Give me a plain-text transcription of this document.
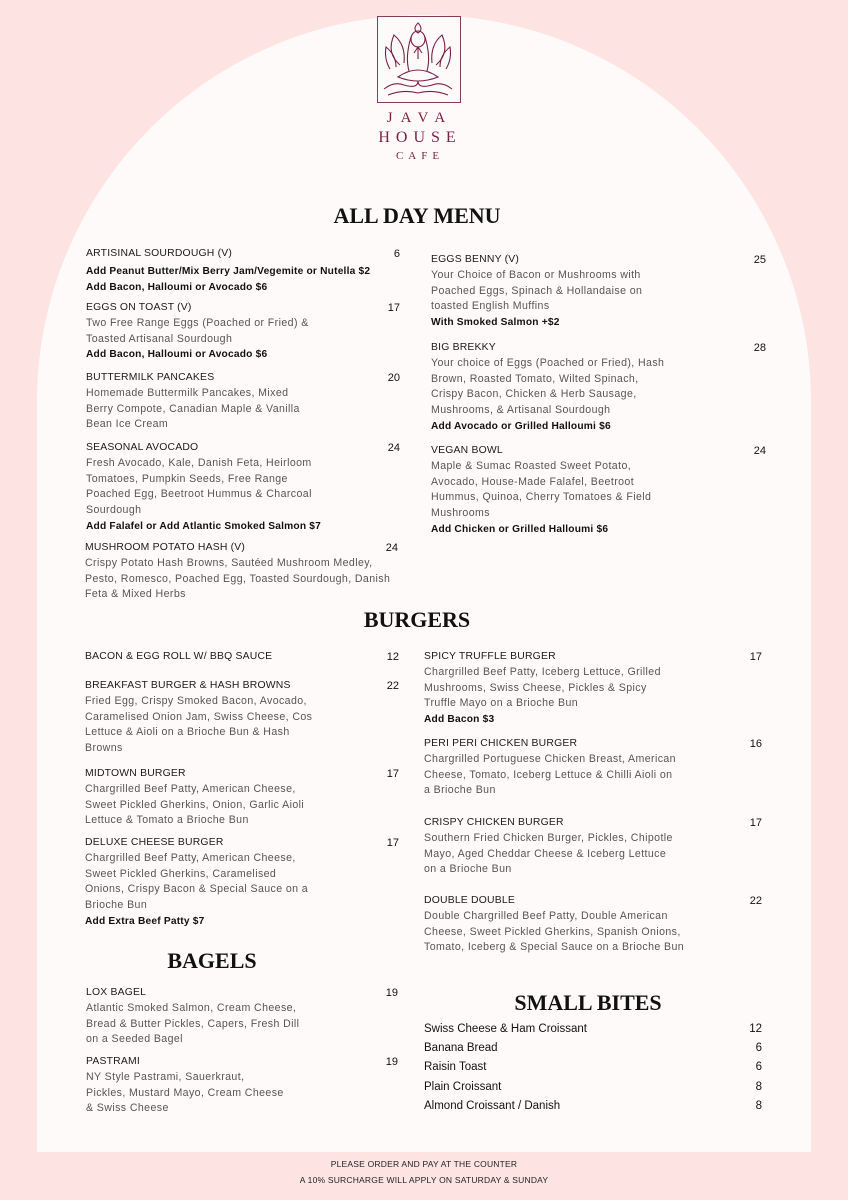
JAVA
HOUSE
CAFE
ALL DAY MENU
BURGERS
BAGELS
SMALL BITES
ARTISINAL SOURDOUGH (V)	6
Add Peanut Butter/Mix Berry Jam/Vegemite or Nutella $2
Add Bacon, Halloumi or Avocado $6
EGGS ON TOAST (V)	17
Two Free Range Eggs (Poached or Fried) &
Toasted Artisanal Sourdough
Add Bacon, Halloumi or Avocado $6
BUTTERMILK PANCAKES	20
Homemade Buttermilk Pancakes, Mixed
Berry Compote, Canadian Maple & Vanilla
Bean Ice Cream
SEASONAL AVOCADO	24
Fresh Avocado, Kale, Danish Feta, Heirloom
Tomatoes, Pumpkin Seeds, Free Range
Poached Egg, Beetroot Hummus & Charcoal
Sourdough
Add Falafel or Add Atlantic Smoked Salmon $7
MUSHROOM POTATO HASH (V)	24
Crispy Potato Hash Browns, Sautéed Mushroom Medley,
Pesto, Romesco, Poached Egg, Toasted Sourdough, Danish
Feta & Mixed Herbs
EGGS BENNY (V)	25
Your Choice of Bacon or Mushrooms with
Poached Eggs, Spinach & Hollandaise on
toasted English Muffins
With Smoked Salmon +$2
BIG BREKKY	28
Your choice of Eggs (Poached or Fried), Hash
Brown, Roasted Tomato, Wilted Spinach,
Crispy Bacon, Chicken & Herb Sausage,
Mushrooms, & Artisanal Sourdough
Add Avocado or Grilled Halloumi $6
VEGAN BOWL	24
Maple & Sumac Roasted Sweet Potato,
Avocado, House-Made Falafel, Beetroot
Hummus, Quinoa, Cherry Tomatoes & Field
Mushrooms
Add Chicken or Grilled Halloumi $6
BACON & EGG ROLL W/ BBQ SAUCE	12
BREAKFAST BURGER & HASH BROWNS	22
Fried Egg, Crispy Smoked Bacon, Avocado,
Caramelised Onion Jam, Swiss Cheese, Cos
Lettuce & Aioli on a Brioche Bun & Hash
Browns
MIDTOWN BURGER	17
Chargrilled Beef Patty, American Cheese,
Sweet Pickled Gherkins, Onion, Garlic Aioli
Lettuce & Tomato a Brioche Bun
DELUXE CHEESE BURGER	17
Chargrilled Beef Patty, American Cheese,
Sweet Pickled Gherkins, Caramelised
Onions, Crispy Bacon & Special Sauce on a
Brioche Bun
Add Extra Beef Patty $7
SPICY TRUFFLE BURGER	17
Chargrilled Beef Patty, Iceberg Lettuce, Grilled
Mushrooms, Swiss Cheese, Pickles & Spicy
Truffle Mayo on a Brioche Bun
Add Bacon $3
PERI PERI CHICKEN BURGER	16
Chargrilled Portuguese Chicken Breast, American
Cheese, Tomato, Iceberg Lettuce & Chilli Aioli on
a Brioche Bun
CRISPY CHICKEN BURGER	17
Southern Fried Chicken Burger, Pickles, Chipotle
Mayo, Aged Cheddar Cheese & Iceberg Lettuce
on a Brioche Bun
DOUBLE DOUBLE	22
Double Chargrilled Beef Patty, Double American
Cheese, Sweet Pickled Gherkins, Spanish Onions,
Tomato, Iceberg & Special Sauce on a Brioche Bun
LOX BAGEL	19
Atlantic Smoked Salmon, Cream Cheese,
Bread & Butter Pickles, Capers, Fresh Dill
on a Seeded Bagel
PASTRAMI	19
NY Style Pastrami, Sauerkraut,
Pickles, Mustard Mayo, Cream Cheese
& Swiss Cheese
Swiss Cheese & Ham Croissant	12
Banana Bread	6
Raisin Toast	6
Plain Croissant	8
Almond Croissant / Danish	8
PLEASE ORDER AND PAY AT THE COUNTER
A 10% SURCHARGE WILL APPLY ON SATURDAY & SUNDAY
